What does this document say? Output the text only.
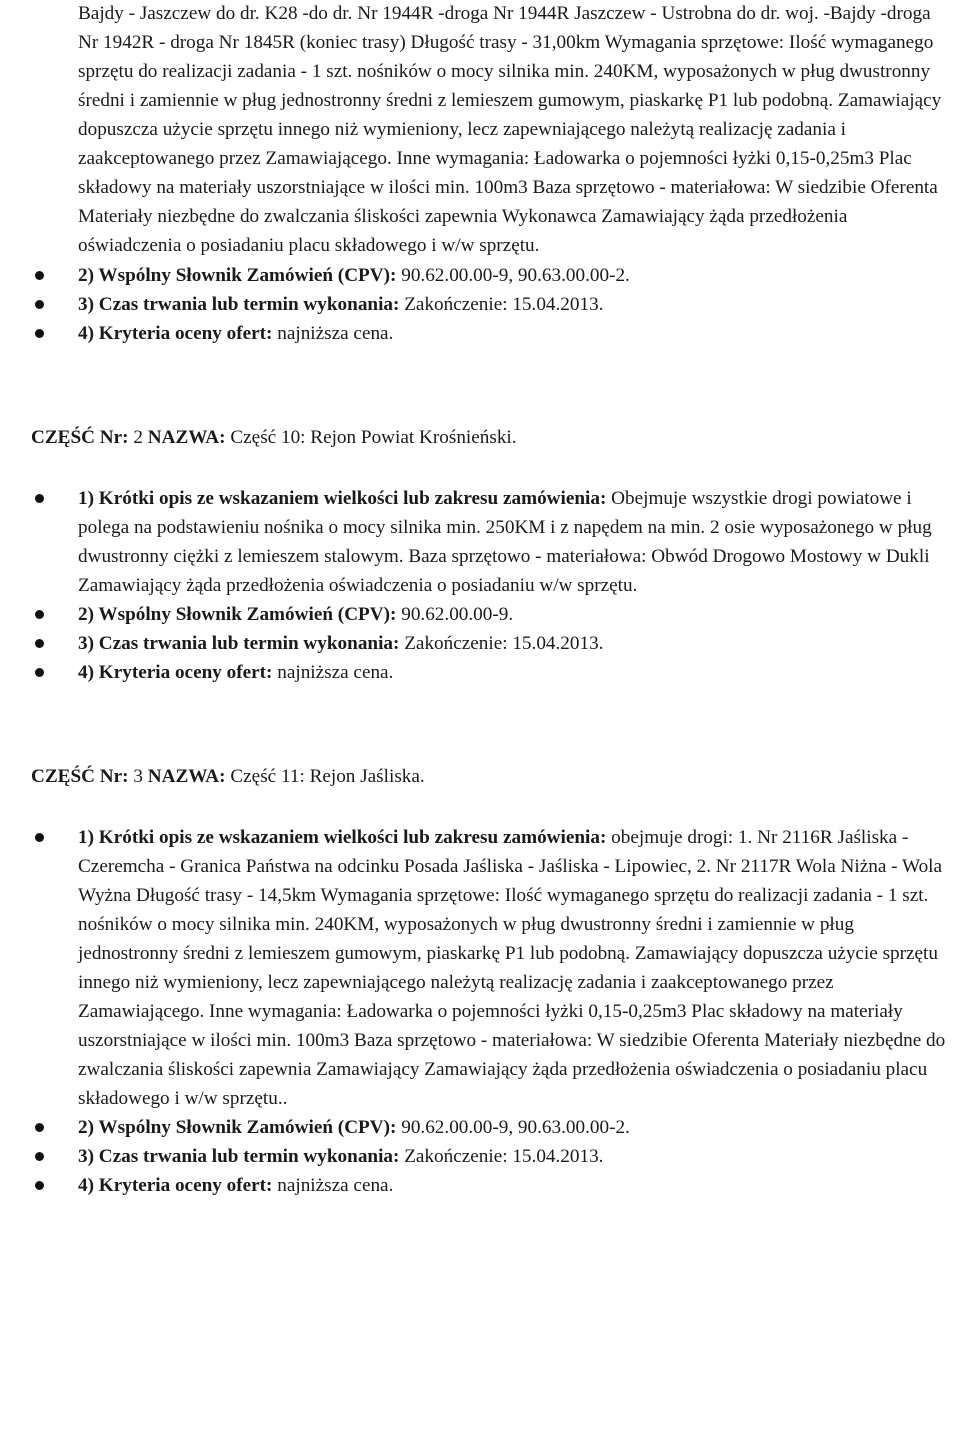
Bajdy - Jaszczew do dr. K28 -do dr. Nr 1944R -droga Nr 1944R Jaszczew - Ustrobna do dr. woj. -Bajdy -droga Nr 1942R - droga Nr 1845R (koniec trasy) Długość trasy - 31,00km Wymagania sprzętowe: Ilość wymaganego sprzętu do realizacji zadania - 1 szt. nośników o mocy silnika min. 240KM, wyposażonych w pług dwustronny średni i zamiennie w pług jednostronny średni z lemieszem gumowym, piaskarkę P1 lub podobną. Zamawiający dopuszcza użycie sprzętu innego niż wymieniony, lecz zapewniającego należytą realizację zadania i zaakceptowanego przez Zamawiającego. Inne wymagania: Ładowarka o pojemności łyżki 0,15-0,25m3 Plac składowy na materiały uszorstniające w ilości min. 100m3 Baza sprzętowo - materiałowa: W siedzibie Oferenta Materiały niezbędne do zwalczania śliskości zapewnia Wykonawca Zamawiający żąda przedłożenia oświadczenia o posiadaniu placu składowego i w/w sprzętu.

2) Wspólny Słownik Zamówień (CPV): 90.62.00.00-9, 90.63.00.00-2.
3) Czas trwania lub termin wykonania: Zakończenie: 15.04.2013.
4) Kryteria oceny ofert: najniższa cena.
CZĘŚĆ Nr: 2 NAZWA: Część 10: Rejon Powiat Krośnieński.
1) Krótki opis ze wskazaniem wielkości lub zakresu zamówienia: Obejmuje wszystkie drogi powiatowe i polega na podstawieniu nośnika o mocy silnika min. 250KM i z napędem na min. 2 osie wyposażonego w pług dwustronny ciężki z lemieszem stalowym. Baza sprzętowo - materiałowa: Obwód Drogowo Mostowy w Dukli Zamawiający żąda przedłożenia oświadczenia o posiadaniu w/w sprzętu.
2) Wspólny Słownik Zamówień (CPV): 90.62.00.00-9.
3) Czas trwania lub termin wykonania: Zakończenie: 15.04.2013.
4) Kryteria oceny ofert: najniższa cena.
CZĘŚĆ Nr: 3 NAZWA: Część 11: Rejon Jaśliska.
1) Krótki opis ze wskazaniem wielkości lub zakresu zamówienia: obejmuje drogi: 1. Nr 2116R Jaśliska - Czeremcha - Granica Państwa na odcinku Posada Jaśliska - Jaśliska - Lipowiec, 2. Nr 2117R Wola Niżna - Wola Wyżna Długość trasy - 14,5km Wymagania sprzętowe: Ilość wymaganego sprzętu do realizacji zadania - 1 szt. nośników o mocy silnika min. 240KM, wyposażonych w pług dwustronny średni i zamiennie w pług jednostronny średni z lemieszem gumowym, piaskarkę P1 lub podobną. Zamawiający dopuszcza użycie sprzętu innego niż wymieniony, lecz zapewniającego należytą realizację zadania i zaakceptowanego przez Zamawiającego. Inne wymagania: Ładowarka o pojemności łyżki 0,15-0,25m3 Plac składowy na materiały uszorstniające w ilości min. 100m3 Baza sprzętowo - materiałowa: W siedzibie Oferenta Materiały niezbędne do zwalczania śliskości zapewnia Zamawiający Zamawiający żąda przedłożenia oświadczenia o posiadaniu placu składowego i w/w sprzętu..
2) Wspólny Słownik Zamówień (CPV): 90.62.00.00-9, 90.63.00.00-2.
3) Czas trwania lub termin wykonania: Zakończenie: 15.04.2013.
4) Kryteria oceny ofert: najniższa cena.
